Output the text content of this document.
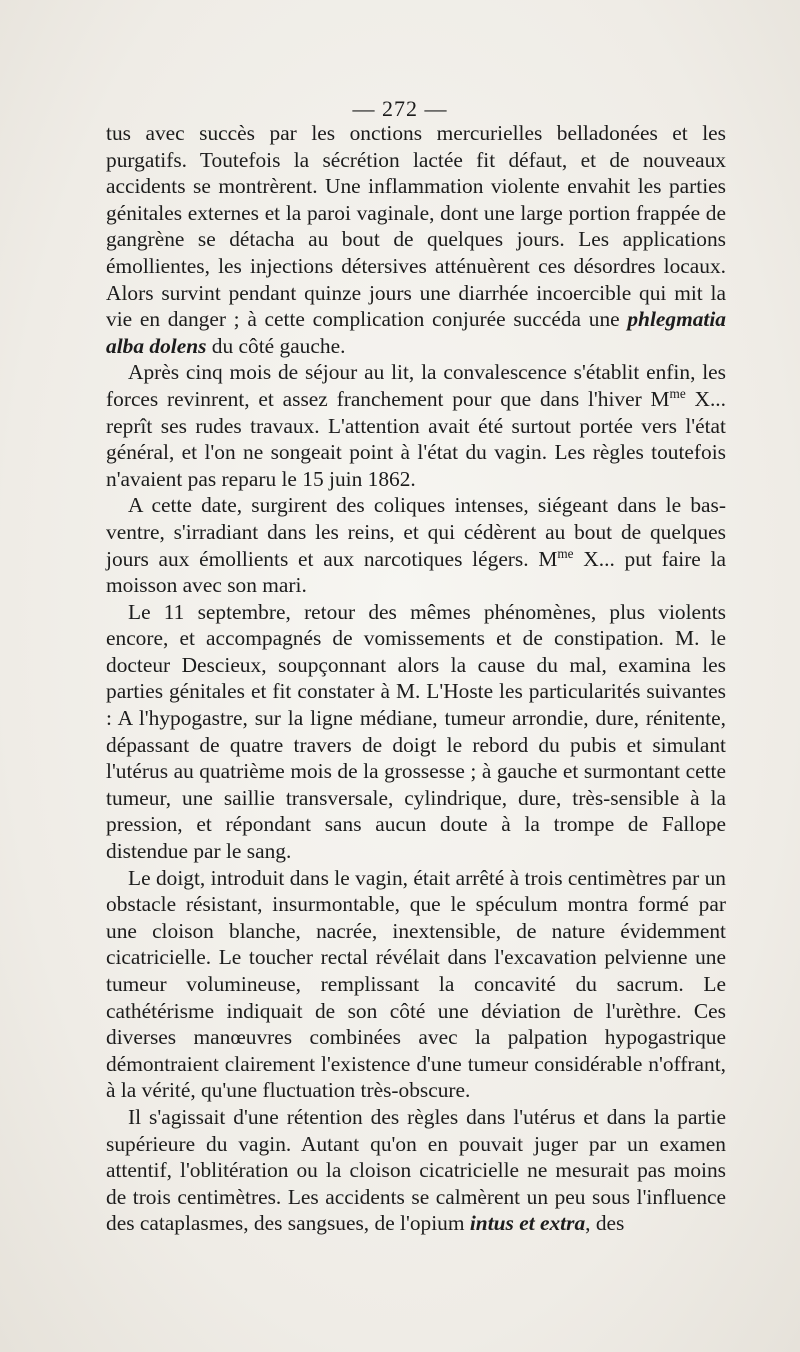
— 272 —

tus avec succès par les onctions mercurielles belladonées et les purgatifs. Toutefois la sécrétion lactée fit défaut, et de nouveaux accidents se montrèrent. Une inflammation violente envahit les parties génitales externes et la paroi vaginale, dont une large portion frappée de gangrène se détacha au bout de quelques jours. Les applications émollientes, les injections détersives atténuèrent ces désordres locaux. Alors survint pendant quinze jours une diarrhée incoercible qui mit la vie en danger ; à cette complication conjurée succéda une phlegmatia alba dolens du côté gauche.

Après cinq mois de séjour au lit, la convalescence s'établit enfin, les forces revinrent, et assez franchement pour que dans l'hiver $M^{me}$ X... reprît ses rudes travaux. L'attention avait été surtout portée vers l'état général, et l'on ne songeait point à l'état du vagin. Les règles toutefois n'avaient pas reparu le 15 juin 1862.

A cette date, surgirent des coliques intenses, siégeant dans le bas-ventre, s'irradiant dans les reins, et qui cédèrent au bout de quelques jours aux émollients et aux narcotiques légers. $M^{me}$ X... put faire la moisson avec son mari.

Le 11 septembre, retour des mêmes phénomènes, plus violents encore, et accompagnés de vomissements et de constipation. M. le docteur Descieux, soupçonnant alors la cause du mal, examina les parties génitales et fit constater à M. L'Hoste les particularités suivantes : A l'hypogastre, sur la ligne médiane, tumeur arrondie, dure, rénitente, dépassant de quatre travers de doigt le rebord du pubis et simulant l'utérus au quatrième mois de la grossesse ; à gauche et surmontant cette tumeur, une saillie transversale, cylindrique, dure, très-sensible à la pression, et répondant sans aucun doute à la trompe de Fallope distendue par le sang.

Le doigt, introduit dans le vagin, était arrêté à trois centimètres par un obstacle résistant, insurmontable, que le spéculum montra formé par une cloison blanche, nacrée, inextensible, de nature évidemment cicatricielle. Le toucher rectal révélait dans l'excavation pelvienne une tumeur volumineuse, remplissant la concavité du sacrum. Le cathétérisme indiquait de son côté une déviation de l'urèthre. Ces diverses manœuvres combinées avec la palpation hypogastrique démontraient clairement l'existence d'une tumeur considérable n'offrant, à la vérité, qu'une fluctuation très-obscure.

Il s'agissait d'une rétention des règles dans l'utérus et dans la partie supérieure du vagin. Autant qu'on en pouvait juger par un examen attentif, l'oblitération ou la cloison cicatricielle ne mesurait pas moins de trois centimètres. Les accidents se calmèrent un peu sous l'influence des cataplasmes, des sangsues, de l'opium intus et extra, des
